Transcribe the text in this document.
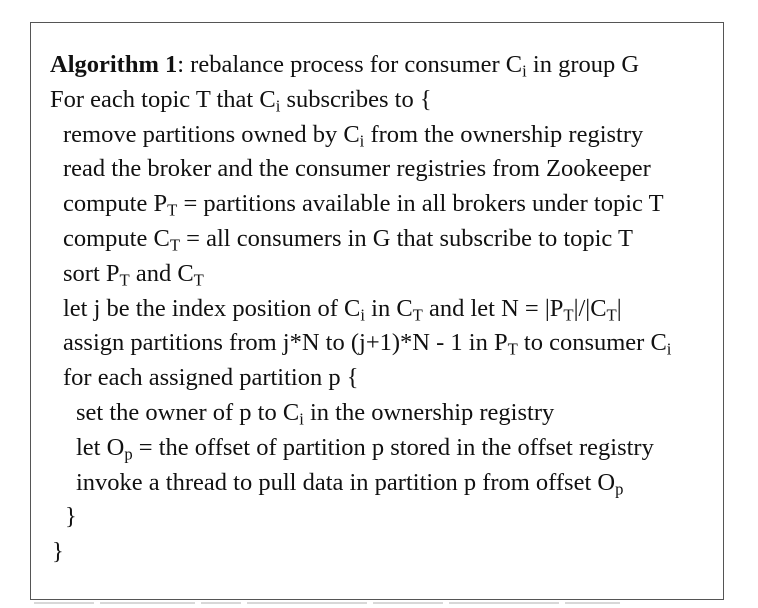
Algorithm 1: rebalance process for consumer $C_i$ in group G
For each topic T that $C_i$ subscribes to {
remove partitions owned by $C_i$ from the ownership registry
read the broker and the consumer registries from Zookeeper
compute $P_T$ = partitions available in all brokers under topic T
compute $C_T$ = all consumers in G that subscribe to topic T
sort $P_T$ and $C_T$
let j be the index position of $C_i$ in $C_T$ and let $N = |P_T|/|C_T|$
assign partitions from j*N to (j+1)*N - 1 in $P_T$ to consumer $C_i$
for each assigned partition p {
set the owner of p to $C_i$ in the ownership registry
let $O_p$ = the offset of partition p stored in the offset registry
invoke a thread to pull data in partition p from offset $O_p$
}
}
